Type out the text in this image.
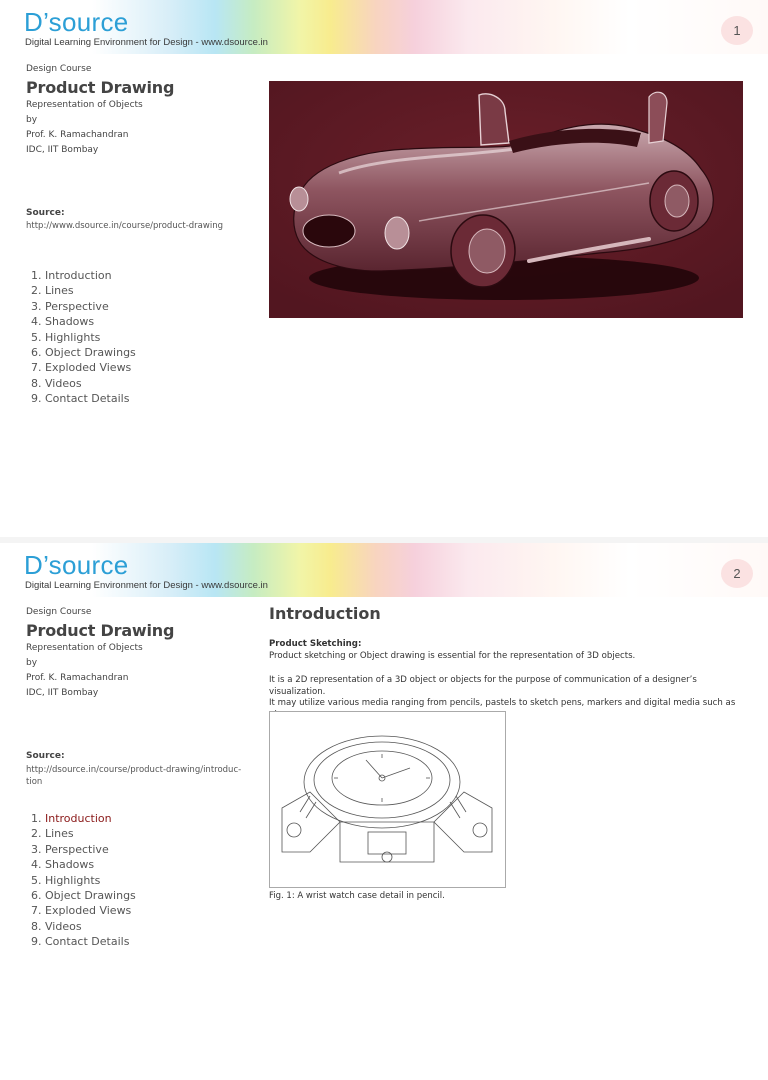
D’source
Digital Learning Environment for Design - www.dsource.in
1
Design Course
Product Drawing
Representation of Objects
by
Prof. K. Ramachandran
IDC, IIT Bombay
Source:
http://www.dsource.in/course/product-drawing
1. Introduction
2. Lines
3. Perspective
4. Shadows
5. Highlights
6. Object Drawings
7. Exploded Views
8. Videos
9. Contact Details
D’source
Digital Learning Environment for Design - www.dsource.in
2
Design Course
Product Drawing
Representation of Objects
by
Prof. K. Ramachandran
IDC, IIT Bombay
Source:
http://dsource.in/course/product-drawing/introduc-
tion
1. Introduction
2. Lines
3. Perspective
4. Shadows
5. Highlights
6. Object Drawings
7. Exploded Views
8. Videos
9. Contact Details
Introduction
Product Sketching:
Product sketching or Object drawing is essential for the representation of 3D objects.
It is a 2D representation of a 3D object or objects for the purpose of communication of a designer’s visualization.
It may utilize various media ranging from pencils, pastels to sketch pens, markers and digital media such as
Fig. 1: A wrist watch case detail in pencil.
